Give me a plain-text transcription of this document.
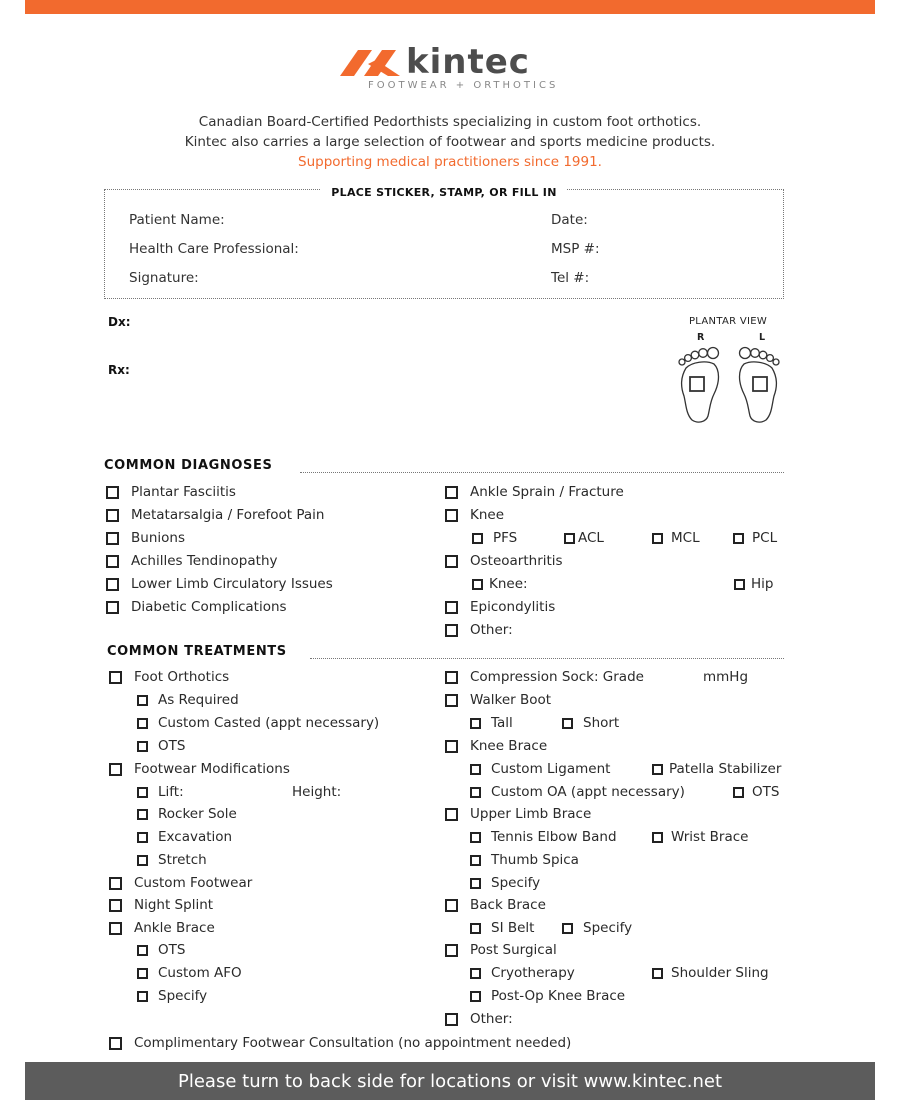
kintec
FOOTWEAR + ORTHOTICS
Canadian Board-Certified Pedorthists specializing in custom foot orthotics.
Kintec also carries a large selection of footwear and sports medicine products.
Supporting medical practitioners since 1991.
PLACE STICKER, STAMP, OR FILL IN
Patient Name:	Date:
Health Care Professional:	MSP #:
Signature:	Tel #:
Dx:
Rx:
PLANTAR VIEW
R	L
COMMON DIAGNOSES
Plantar Fasciitis
Metatarsalgia / Forefoot Pain
Bunions
Achilles Tendinopathy
Lower Limb Circulatory Issues
Diabetic Complications
Ankle Sprain / Fracture
Knee
PFS	ACL	MCL	PCL
Osteoarthritis
Knee:	Hip
Epicondylitis
Other:
COMMON TREATMENTS
Foot Orthotics
As Required
Custom Casted (appt necessary)
OTS
Footwear Modifications
Lift:	Height:
Rocker Sole
Excavation
Stretch
Custom Footwear
Night Splint
Ankle Brace
OTS
Custom AFO
Specify
Compression Sock: Grade	mmHg
Walker Boot
Tall	Short
Knee Brace
Custom Ligament	Patella Stabilizer
Custom OA (appt necessary)	OTS
Upper Limb Brace
Tennis Elbow Band	Wrist Brace
Thumb Spica
Specify
Back Brace
SI Belt	Specify
Post Surgical
Cryotherapy	Shoulder Sling
Post-Op Knee Brace
Other:
Complimentary Footwear Consultation (no appointment needed)
Please turn to back side for locations or visit www.kintec.net
